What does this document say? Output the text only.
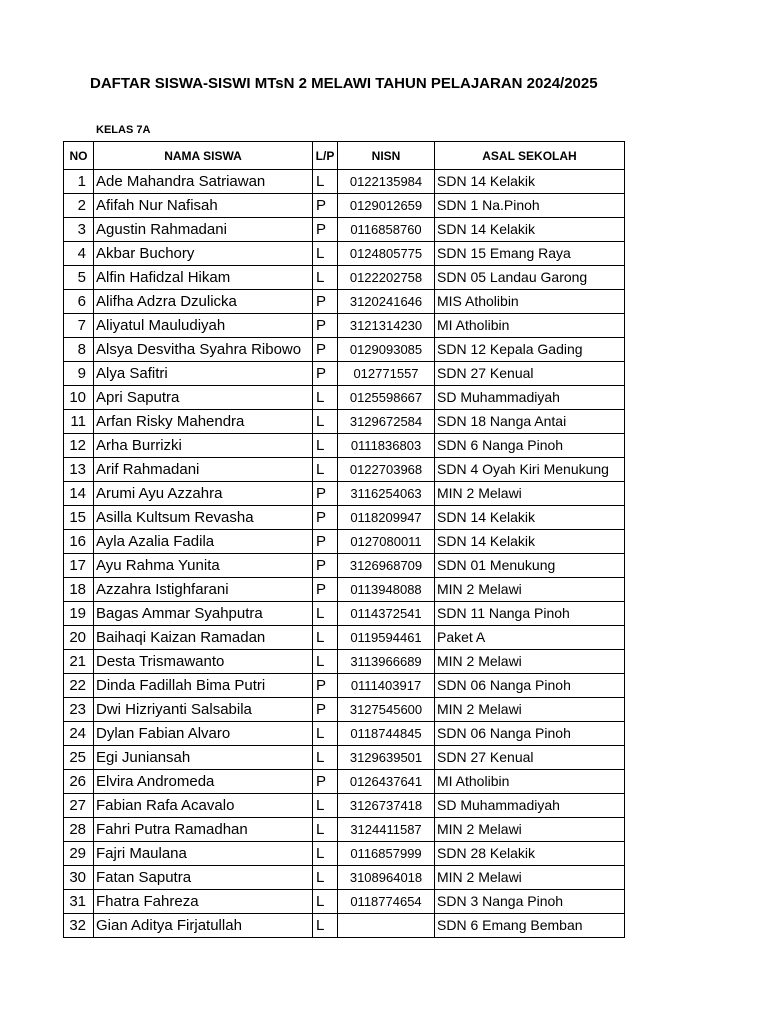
DAFTAR SISWA-SISWI MTsN 2 MELAWI TAHUN PELAJARAN 2024/2025
KELAS 7A
NO	NAMA SISWA	L/P	NISN	ASAL SEKOLAH
1	Ade Mahandra Satriawan	L	0122135984	SDN 14 Kelakik
2	Afifah Nur Nafisah	P	0129012659	SDN 1 Na.Pinoh
3	Agustin Rahmadani	P	0116858760	SDN 14 Kelakik
4	Akbar Buchory	L	0124805775	SDN 15 Emang Raya
5	Alfin Hafidzal Hikam	L	0122202758	SDN 05 Landau Garong
6	Alifha Adzra Dzulicka	P	3120241646	MIS Atholibin
7	Aliyatul Mauludiyah	P	3121314230	MI Atholibin
8	Alsya Desvitha Syahra Ribowo	P	0129093085	SDN 12 Kepala Gading
9	Alya Safitri	P	012771557	SDN 27 Kenual
10	Apri Saputra	L	0125598667	SD Muhammadiyah
11	Arfan Risky Mahendra	L	3129672584	SDN 18 Nanga Antai
12	Arha Burrizki	L	0111836803	SDN 6 Nanga Pinoh
13	Arif Rahmadani	L	0122703968	SDN 4 Oyah Kiri Menukung
14	Arumi Ayu Azzahra	P	3116254063	MIN 2 Melawi
15	Asilla Kultsum Revasha	P	0118209947	SDN 14 Kelakik
16	Ayla Azalia Fadila	P	0127080011	SDN 14 Kelakik
17	Ayu Rahma Yunita	P	3126968709	SDN 01 Menukung
18	Azzahra Istighfarani	P	0113948088	MIN 2 Melawi
19	Bagas Ammar Syahputra	L	0114372541	SDN 11 Nanga Pinoh
20	Baihaqi Kaizan Ramadan	L	0119594461	Paket A
21	Desta Trismawanto	L	3113966689	MIN 2 Melawi
22	Dinda Fadillah Bima Putri	P	0111403917	SDN 06 Nanga Pinoh
23	Dwi Hizriyanti Salsabila	P	3127545600	MIN 2 Melawi
24	Dylan Fabian Alvaro	L	0118744845	SDN 06 Nanga Pinoh
25	Egi Juniansah	L	3129639501	SDN 27 Kenual
26	Elvira Andromeda	P	0126437641	MI Atholibin
27	Fabian Rafa Acavalo	L	3126737418	SD Muhammadiyah
28	Fahri Putra Ramadhan	L	3124411587	MIN 2 Melawi
29	Fajri Maulana	L	0116857999	SDN 28 Kelakik
30	Fatan Saputra	L	3108964018	MIN 2 Melawi
31	Fhatra Fahreza	L	0118774654	SDN 3 Nanga Pinoh
32	Gian Aditya Firjatullah	L		SDN 6 Emang Bemban
